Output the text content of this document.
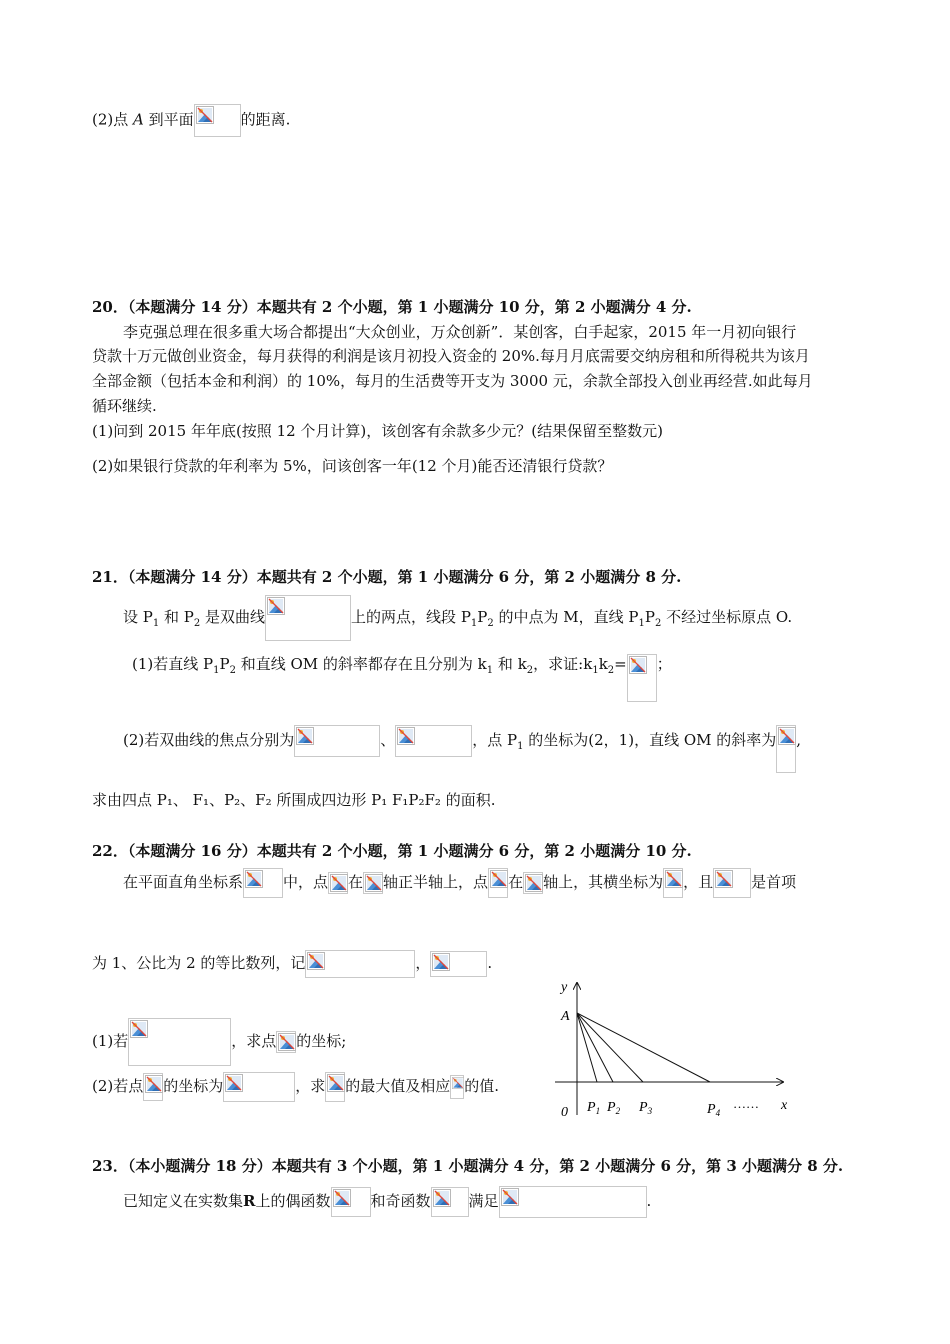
(2)点 A 到平面	的距离.
20．（本题满分 14 分）本题共有 2 个小题，第 1 小题满分 10 分，第 2 小题满分 4 分.
李克强总理在很多重大场合都提出“大众创业，万众创新”．某创客，白手起家，2015 年一月初向银行
贷款十万元做创业资金，每月获得的利润是该月初投入资金的 20%.每月月底需要交纳房租和所得税共为该月
全部金额（包括本金和利润）的 10%，每月的生活费等开支为 3000 元，余款全部投入创业再经营.如此每月
循环继续.
(1)问到 2015 年年底(按照 12 个月计算)，该创客有余款多少元？(结果保留至整数元)
(2)如果银行贷款的年利率为 5%，问该创客一年(12 个月)能否还清银行贷款？
21．（本题满分 14 分）本题共有 2 个小题，第 1 小题满分 6 分，第 2 小题满分 8 分.
设 $P_1$ 和 $P_2$ 是双曲线	上的两点，线段 $P_1P_2$ 的中点为 M，直线 $P_1P_2$ 不经过坐标原点 O.
(1)若直线 $P_1P_2$ 和直线 OM 的斜率都存在且分别为 $k_1$ 和 $k_2$，求证$:k_1k_2=$ ；
(2)若双曲线的焦点分别为	、	，点 $P_1$ 的坐标为(2，1)，直线 OM 的斜率为 ,
求由四点 P₁、 F₁、P₂、F₂ 所围成四边形 P₁ F₁P₂F₂ 的面积.
22．（本题满分 16 分）本题共有 2 个小题，第 1 小题满分 6 分，第 2 小题满分 10 分.
在平面直角坐标系	中，点 在 轴正半轴上，点 在 轴上，其横坐标为 ，且	是首项
为 1、公比为 2 的等比数列，记	，	.
(1)若	，求点 的坐标;
(2)若点 的坐标为	，求 的最大值及相应 的值.
y
x
A
0 $P_1$ $P_2$ $P_3$	$P_4$
……
23．（本小题满分 18 分）本题共有 3 个小题，第 1 小题满分 4 分，第 2 小题满分 6 分，第 3 小题满分 8 分.
已知定义在实数集R上的偶函数	和奇函数	满足	.
